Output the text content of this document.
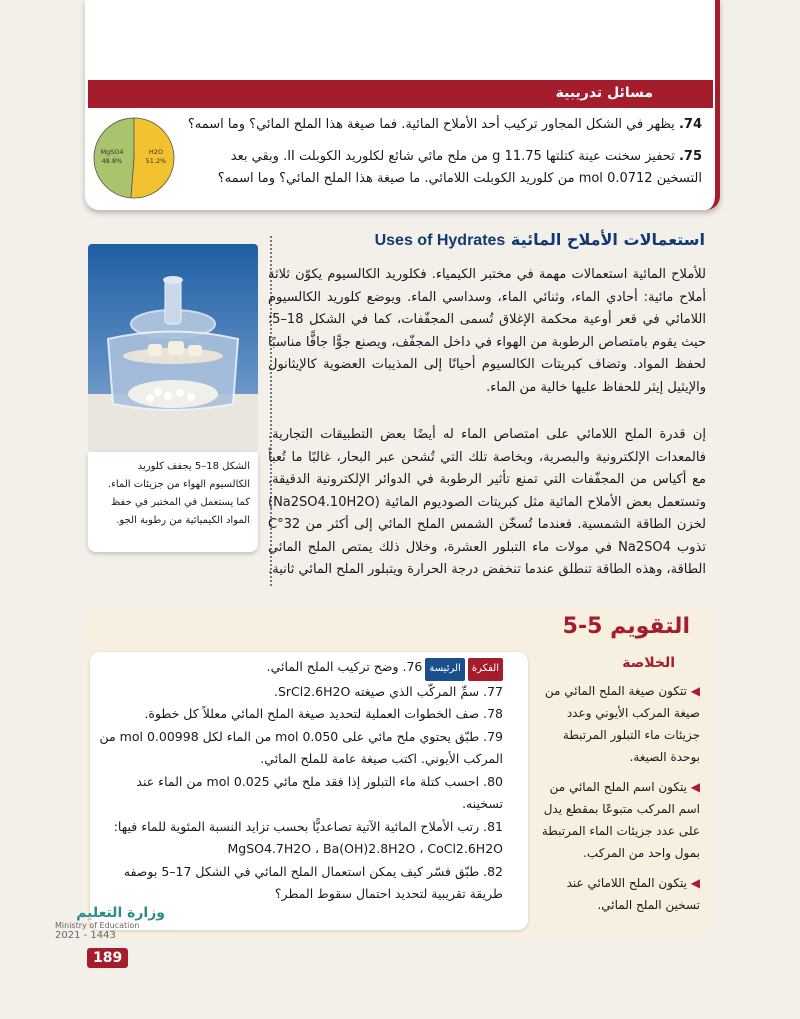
مسائل تدريبية
74. يظهر في الشكل المجاور تركيب أحد الأملاح المائية. فما صيغة هذا الملح المائي؟ وما اسمه؟
75. تحفيز سخنت عينة كتلتها 11.75 g من ملح مائي شائع لكلوريد الكوبلت II. وبقي بعد التسخين 0.0712 mol من كلوريد الكوبلت اللامائي. ما صيغة هذا الملح المائي؟ وما اسمه؟
MgSO4
48.8%
H2O
51.2%
استعمالات الأملاح المائية Uses of Hydrates
للأملاح المائية استعمالات مهمة في مختبر الكيمياء. فكلوريد الكالسيوم يكوّن ثلاثة أملاح مائية: أحادي الماء، وثنائي الماء، وسداسي الماء. ويوضع كلوريد الكالسيوم اللامائي في قعر أوعية محكمة الإغلاق تُسمى المجفّفات، كما في الشكل 18–5؛ حيث يقوم بامتصاص الرطوبة من الهواء في داخل المجفّف، ويصنع جوًّا جافًّا مناسبًا لحفظ المواد. وتضاف كبريتات الكالسيوم أحيانًا إلى المذيبات العضوية كالإيثانول والإيثيل إيثر للحفاظ عليها خالية من الماء.
إن قدرة الملح اللامائي على امتصاص الماء له أيضًا بعض التطبيقات التجارية. فالمعدات الإلكترونية والبصرية، وبخاصة تلك التي تُشحن عبر البحار، غالبًا ما تُعبأ مع أكياس من المجفّفات التي تمنع تأثير الرطوبة في الدوائر الإلكترونية الدقيقة. وتستعمل بعض الأملاح المائية مثل كبريتات الصوديوم المائية (Na2SO4.10H2O) لخزن الطاقة الشمسية. فعندما تُسخّن الشمس الملح المائي إلى أكثر من 32°C تذوب Na2SO4 في مولات ماء التبلور العشرة، وخلال ذلك يمتص الملح المائي الطاقة، وهذه الطاقة تنطلق عندما تنخفض درجة الحرارة ويتبلور الملح المائي ثانية.
الشكل 18–5 يجفف كلوريد الكالسيوم الهواء من جزيئات الماء. كما يستعمل في المختبر في حفظ المواد الكيميائية من رطوبة الجو.
التقويم 5-5
الخلاصة

◀ تتكون صيغة الملح المائي من صيغة المركب الأيوني وعدد جزيئات ماء التبلور المرتبطة بوحدة الصيغة.

◀ يتكون اسم الملح المائي من اسم المركب متبوعًا بمقطع يدل على عدد جزيئات الماء المرتبطة بمول واحد من المركب.

◀ يتكون الملح اللامائي عند تسخين الملح المائي.

الفكرةالرئيسة76. وضح تركيب الملح المائي.

77. سمِّ المركّب الذي صيغته SrCl2.6H2O.

78. صف الخطوات العملية لتحديد صيغة الملح المائي معللاً كل خطوة.

79. طبّق يحتوي ملح مائي على 0.050 mol من الماء لكل 0.00998 mol من المركب الأيوني. اكتب صيغة عامة للملح المائي.

80. احسب كتلة ماء التبلور إذا فقد ملح مائي 0.025 mol من الماء عند تسخينه.

81. رتب الأملاح المائية الآتية تصاعديًّا بحسب تزايد النسبة المئوية للماء فيها: MgSO4.7H2O ، Ba(OH)2.8H2O ، CoCl2.6H2O

82. طبّق فسّر كيف يمكن استعمال الملح المائي في الشكل 17–5 بوصفه طريقة تقريبية لتحديد احتمال سقوط المطر؟

وزارة التعليم
Ministry of Education
2021 - 1443
189
